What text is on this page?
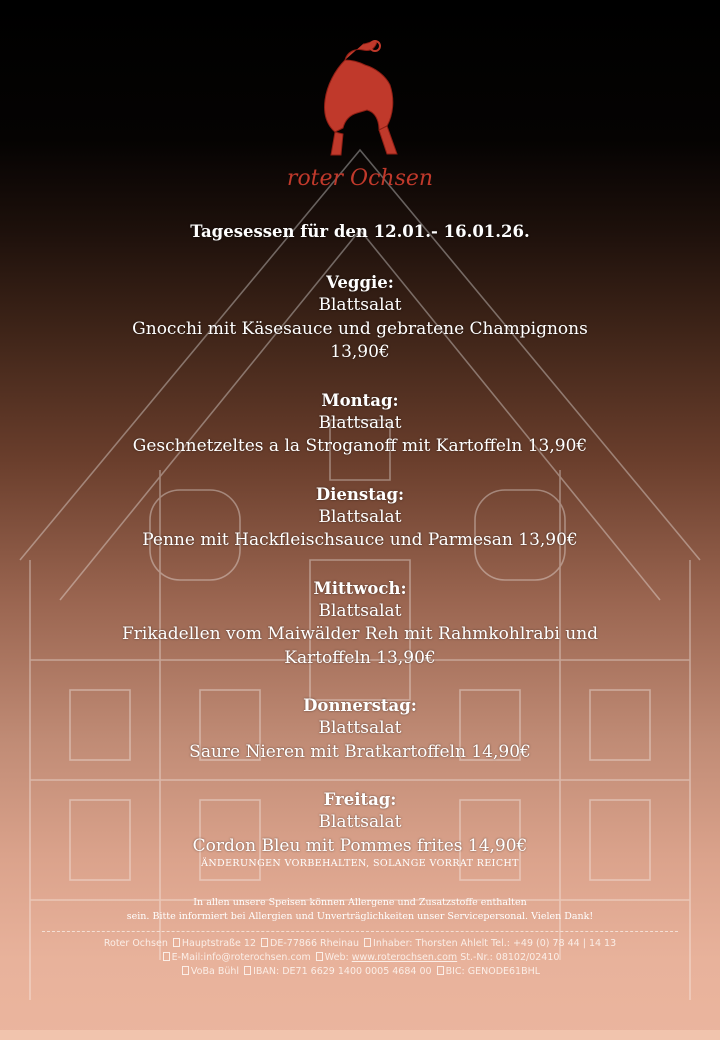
roter Ochsen
Tagesessen für den 12.01.- 16.01.26.
Veggie:
Blattsalat
Gnocchi mit Käsesauce und gebratene Champignons 13,90€
Montag:
Blattsalat
Geschnetzeltes a la Stroganoff mit Kartoffeln 13,90€
Dienstag:
Blattsalat
Penne mit Hackfleischsauce und Parmesan 13,90€
Mittwoch:
Blattsalat
Frikadellen vom Maiwälder Reh mit Rahmkohlrabi und Kartoffeln 13,90€
Donnerstag:
Blattsalat
Saure Nieren mit Bratkartoffeln 14,90€
Freitag:
Blattsalat
Cordon Bleu mit Pommes frites 14,90€
ÄNDERUNGEN VORBEHALTEN, SOLANGE VORRAT REICHT
In allen unsere Speisen können Allergene und Zusatzstoffe enthalten
sein. Bitte informiert bei Allergien und Unverträglichkeiten unser Servicepersonal. Vielen Dank!
Roter Ochsen Hauptstraße 12 DE-77866 Rheinau Inhaber: Thorsten Ahlelt Tel.: +49 (0) 78 44 | 14 13
E-Mail:info@roterochsen.com Web: www.roterochsen.com St.-Nr.: 08102/02410
VoBa Bühl IBAN: DE71 6629 1400 0005 4684 00 BIC: GENODE61BHL
